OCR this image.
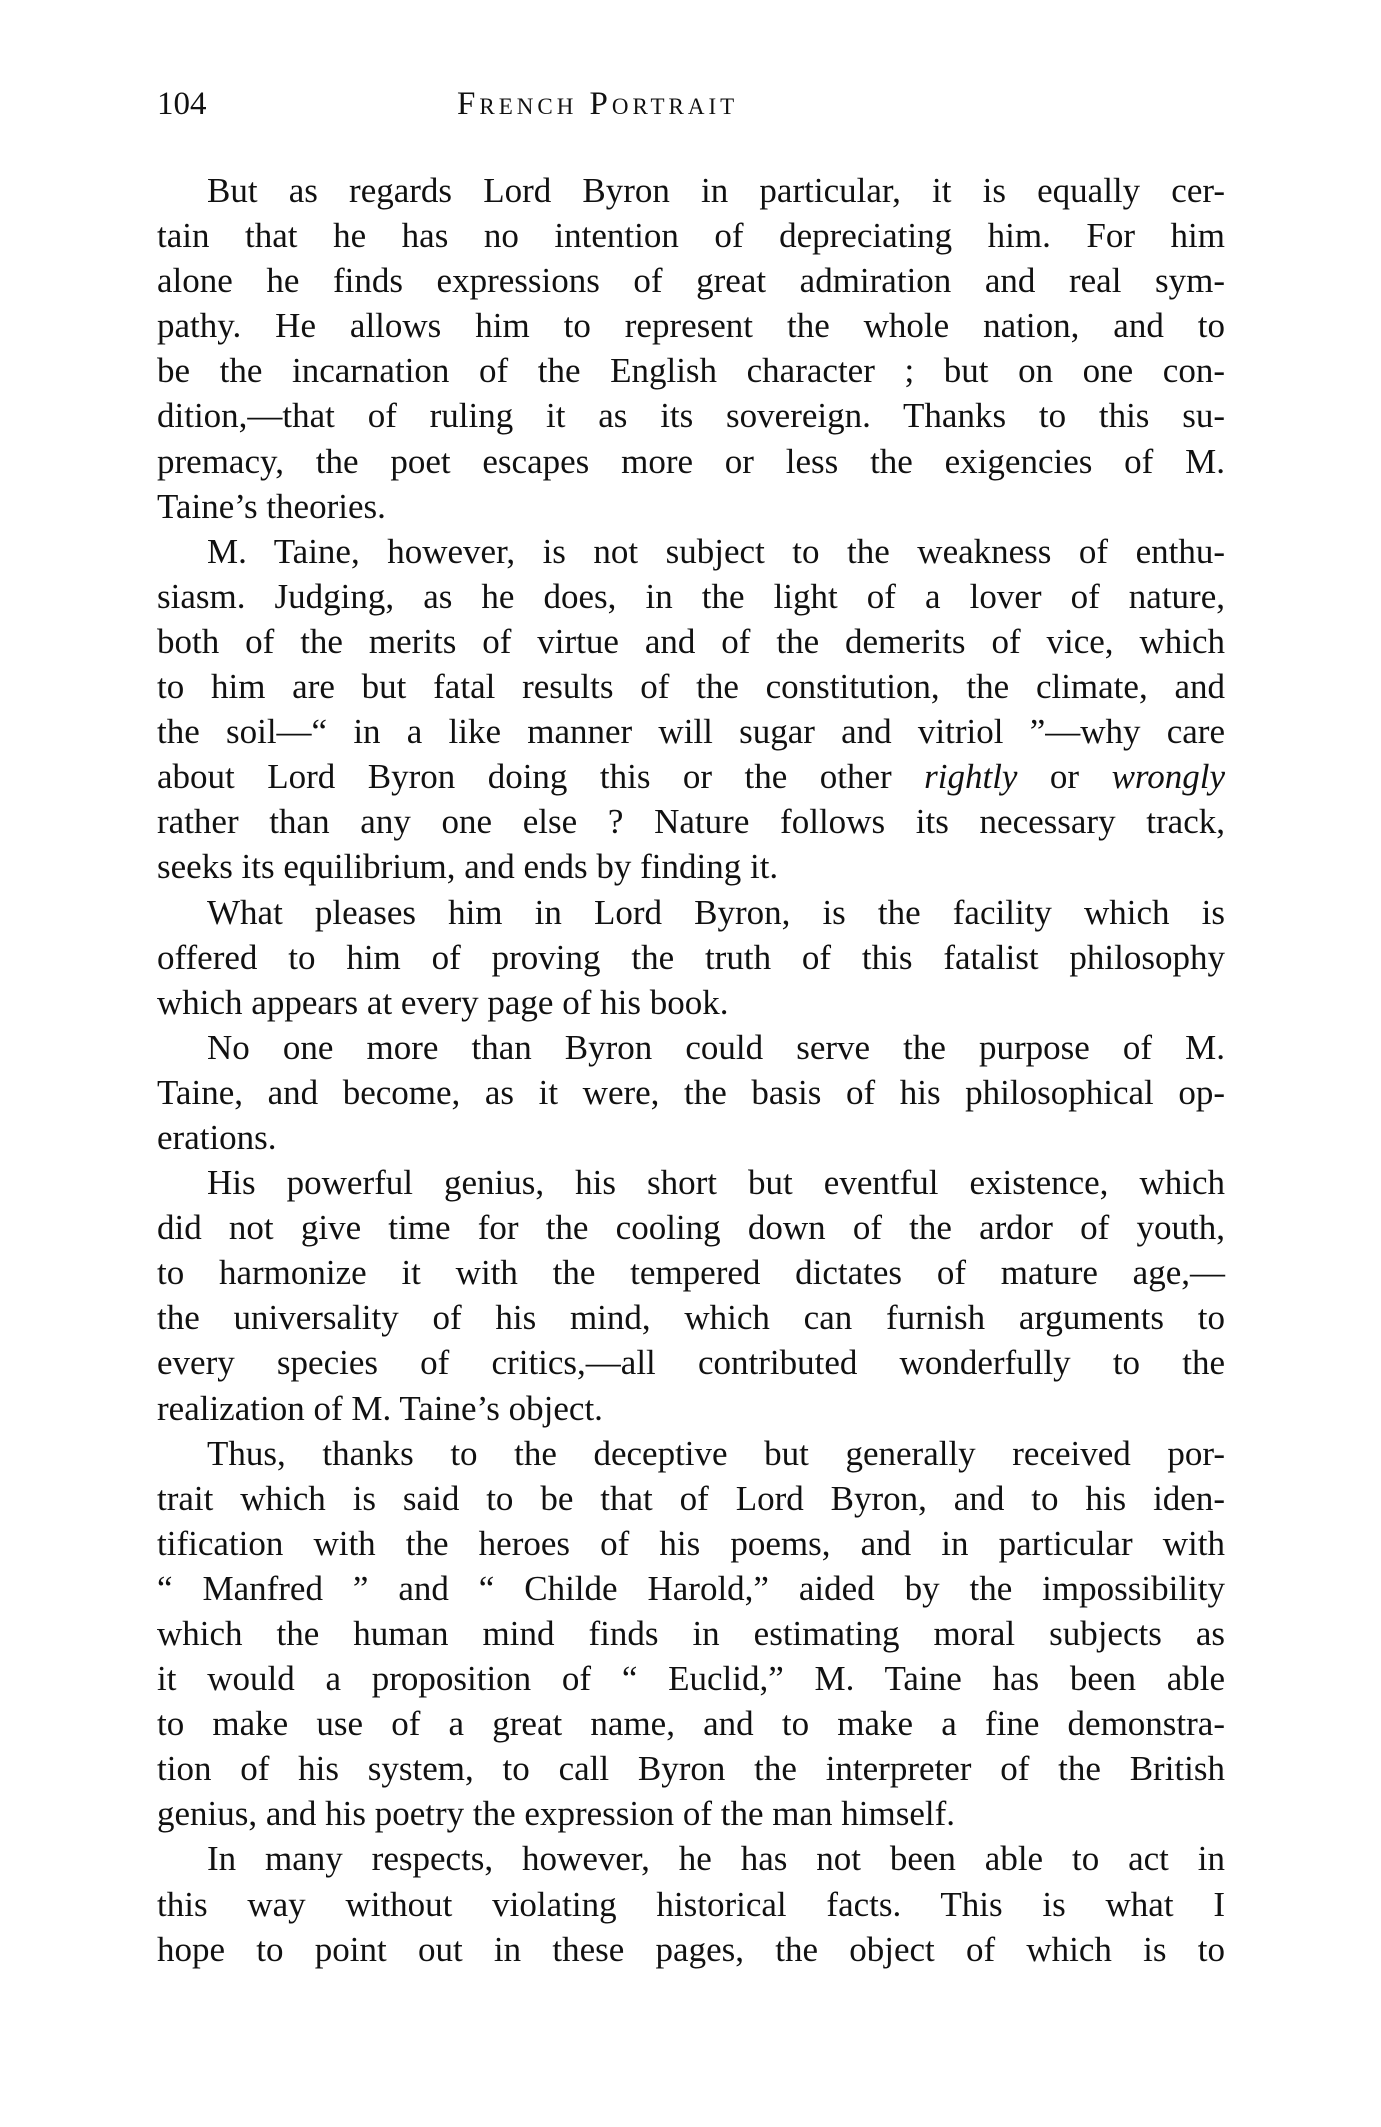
104	French Portrait
But as regards Lord Byron in particular, it is equally cer-
tain that he has no intention of depreciating him. For him
alone he finds expressions of great admiration and real sym-
pathy. He allows him to represent the whole nation, and to
be the incarnation of the English character ; but on one con-
dition,—that of ruling it as its sovereign. Thanks to this su-
premacy, the poet escapes more or less the exigencies of M.
Taine’s theories.
M. Taine, however, is not subject to the weakness of enthu-
siasm. Judging, as he does, in the light of a lover of nature,
both of the merits of virtue and of the demerits of vice, which
to him are but fatal results of the constitution, the climate, and
the soil—“ in a like manner will sugar and vitriol ”—why care
about Lord Byron doing this or the other rightly or wrongly
rather than any one else ? Nature follows its necessary track,
seeks its equilibrium, and ends by finding it.
What pleases him in Lord Byron, is the facility which is
offered to him of proving the truth of this fatalist philosophy
which appears at every page of his book.
No one more than Byron could serve the purpose of M.
Taine, and become, as it were, the basis of his philosophical op-
erations.
His powerful genius, his short but eventful existence, which
did not give time for the cooling down of the ardor of youth,
to harmonize it with the tempered dictates of mature age,—
the universality of his mind, which can furnish arguments to
every species of critics,—all contributed wonderfully to the
realization of M. Taine’s object.
Thus, thanks to the deceptive but generally received por-
trait which is said to be that of Lord Byron, and to his iden-
tification with the heroes of his poems, and in particular with
“ Manfred ” and “ Childe Harold,” aided by the impossibility
which the human mind finds in estimating moral subjects as
it would a proposition of “ Euclid,” M. Taine has been able
to make use of a great name, and to make a fine demonstra-
tion of his system, to call Byron the interpreter of the British
genius, and his poetry the expression of the man himself.
In many respects, however, he has not been able to act in
this way without violating historical facts. This is what I
hope to point out in these pages, the object of which is to
